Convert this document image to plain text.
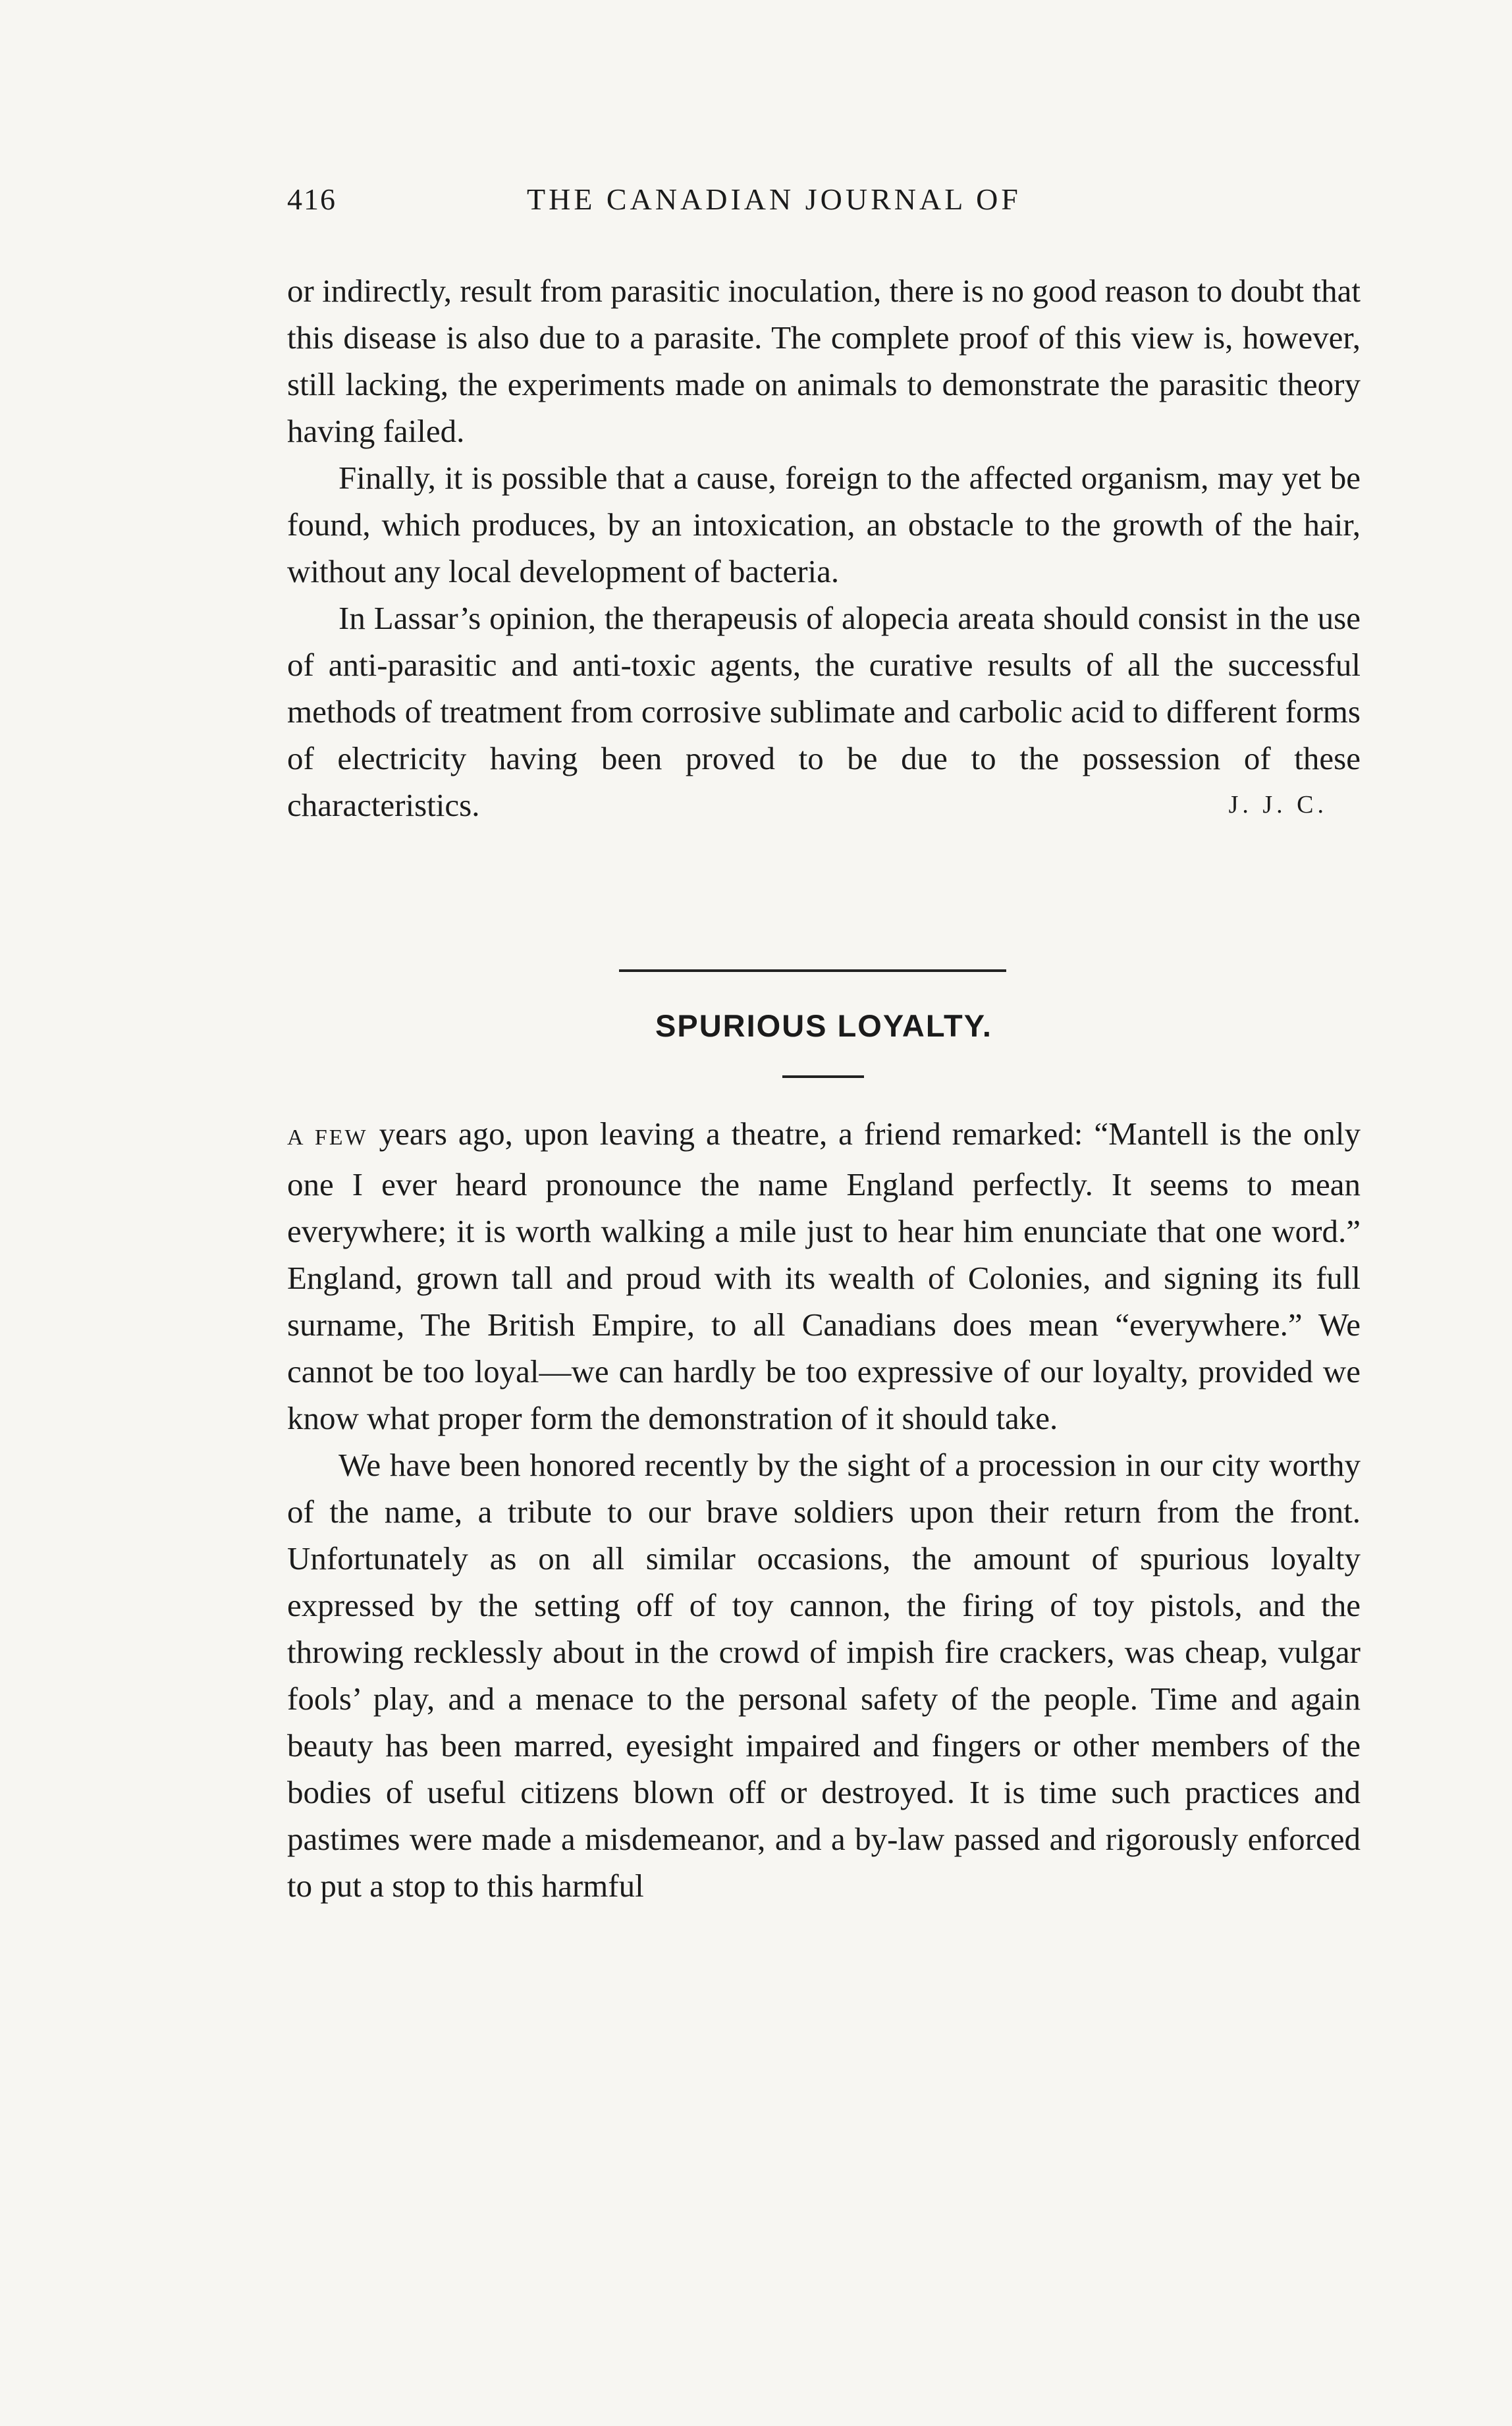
416	THE CANADIAN JOURNAL OF

or indirectly, result from parasitic inoculation, there is no good reason to doubt that this disease is also due to a parasite. The complete proof of this view is, however, still lacking, the experiments made on animals to demonstrate the parasitic theory having failed.

Finally, it is possible that a cause, foreign to the affected organism, may yet be found, which produces, by an intoxication, an obstacle to the growth of the hair, without any local development of bacteria.

In Lassar’s opinion, the therapeusis of alopecia areata should consist in the use of anti-parasitic and anti-toxic agents, the curative results of all the successful methods of treatment from corrosive sublimate and carbolic acid to different forms of electricity having been proved to be due to the possession of these characteristics.	J. J. C.

SPURIOUS LOYALTY.

A FEW years ago, upon leaving a theatre, a friend remarked: “Mantell is the only one I ever heard pronounce the name England perfectly. It seems to mean everywhere; it is worth walking a mile just to hear him enunciate that one word.” England, grown tall and proud with its wealth of Colonies, and signing its full surname, The British Empire, to all Canadians does mean “everywhere.” We cannot be too loyal—we can hardly be too expressive of our loyalty, provided we know what proper form the demonstration of it should take.

We have been honored recently by the sight of a procession in our city worthy of the name, a tribute to our brave soldiers upon their return from the front. Unfortunately as on all similar occasions, the amount of spurious loyalty expressed by the setting off of toy cannon, the firing of toy pistols, and the throwing recklessly about in the crowd of impish fire crackers, was cheap, vulgar fools’ play, and a menace to the personal safety of the people. Time and again beauty has been marred, eyesight impaired and fingers or other members of the bodies of useful citizens blown off or destroyed. It is time such practices and pastimes were made a misdemeanor, and a by-law passed and rigorously enforced to put a stop to this harmful
